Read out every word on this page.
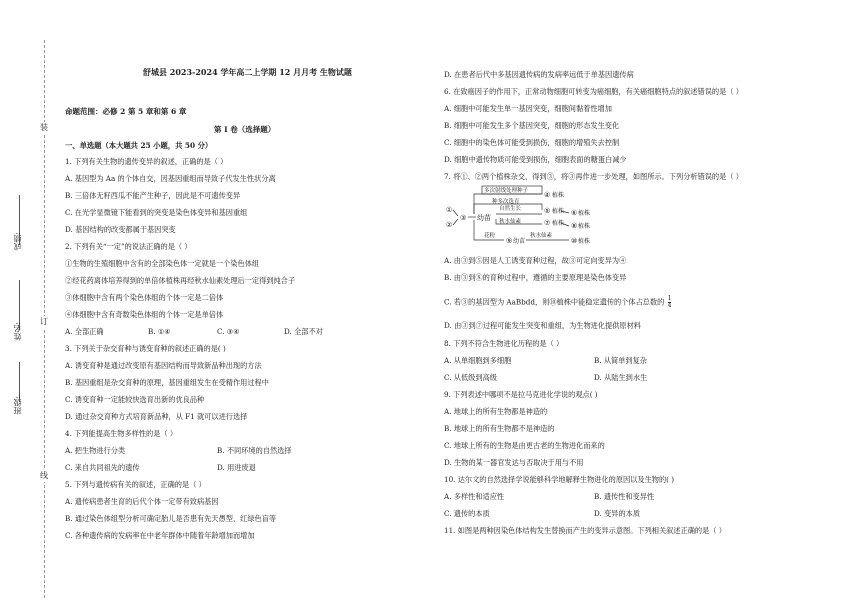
装
订
线
成绩:
姓名:
班级:
舒城县 2023-2024 学年高二上学期 12 月月考 生物试题
命题范围：必修 2 第 5 章和第 6 章
第 I 卷（选择题）
一、单选题（本大题共 25 小题，共 50 分）
1. 下列有关生物的遗传变异的叙述，正确的是（ ）
A. 基因型为 Aa 的个体自交，因基因重组而导致子代发生性状分离
B. 三倍体无籽西瓜不能产生种子，因此是不可遗传变异
C. 在光学显微镜下能看到的突变是染色体变异和基因重组
D. 基因结构的改变都属于基因突变
2. 下列有关“一定”的说法正确的是（ ）
①生物的生殖细胞中含有的全部染色体一定就是一个染色体组
②经花药离体培养得到的单倍体植株再经秋水仙素处理后一定得到纯合子
③体细胞中含有两个染色体组的个体一定是二倍体
④体细胞中含有奇数染色体组的个体一定是单倍体
A. 全部正确	B. ①④	C. ③④	D. 全部不对
3. 下列关于杂交育种与诱变育种的叙述正确的是( )
A. 诱变育种是通过改变原有基因结构而导致新品种出现的方法
B. 基因重组是杂交育种的原理，基因重组发生在受精作用过程中
C. 诱变育种一定能较快选育出新的优良品种
D. 通过杂交育种方式培育新品种，从 F1 就可以进行选择
4. 下列能提高生物多样性的是（ ）
A. 把生物进行分类	B. 不同环境的自然选择
C. 来自共同祖先的遗传	D. 用进废退
5. 下列与遗传病有关的叙述，正确的是（ ）
A. 遗传病患者生育的后代个体一定带有致病基因
B. 通过染色体组型分析可确定胎儿是否患有先天愚型、红绿色盲等
C. 各种遗传病的发病率在中老年群体中随着年龄增加而增加
D. 在患者后代中多基因遗传病的发病率远低于单基因遗传病
6. 在致癌因子的作用下，正常动物细胞可转变为癌细胞，有关癌细胞特点的叙述错误的是（ ）
A. 细胞中可能发生单一基因突变，细胞间黏着性增加
B. 细胞中可能发生多个基因突变，细胞的形态发生变化
C. 细胞中的染色体可能受到损伤，细胞的增殖失去控制
D. 细胞中遗传物质可能受到损伤，细胞表面的糖蛋白减少
7. 将①、②两个植株杂交，得到③，将③再作进一步处理，如图所示。下列分析错误的是（ ）
①
②
③ 幼苗
④ 植株
⑤ 植株 ⑥ 植株
⑦ 植株 ⑧ 植株
⑨ 幼苗	⑩ 植株
多次射线处理种子
种多次选育
自然生长
秋水仙素
花粉	秋水仙素
A. 由③到⑤因是人工诱变育种过程，故③可定向变异为④
B. 由③到⑧的育种过程中，遵循的主要原理是染色体变异
C. 若③的基因型为 AaBbdd，则⑩植株中能稳定遗传的个体占总数的 $\frac{1}{4}$
D. 由③到⑦过程可能发生突变和重组，为生物进化提供原材料
8. 下列不符合生物进化历程的是（ ）
A. 从单细胞到多细胞	B. 从简单到复杂
C. 从低级到高级	D. 从陆生到水生
9. 下列表述中哪项不是拉马克进化学说的观点( )
A. 地球上的所有生物都是神造的
B. 地球上的所有生物都不是神造的
C. 地球上所有的生物是由更古老的生物进化而来的
D. 生物的某一器官发达与否取决于用与不用
10. 达尔文的自然选择学说能够科学地解释生物进化的原因以及生物的( )
A. 多样性和适应性	B. 遗传性和变异性
C. 遗传的本质	D. 变异的本质
11. 如图是两种因染色体结构发生替换而产生的变异示意图。下列相关叙述正确的是（ ）
